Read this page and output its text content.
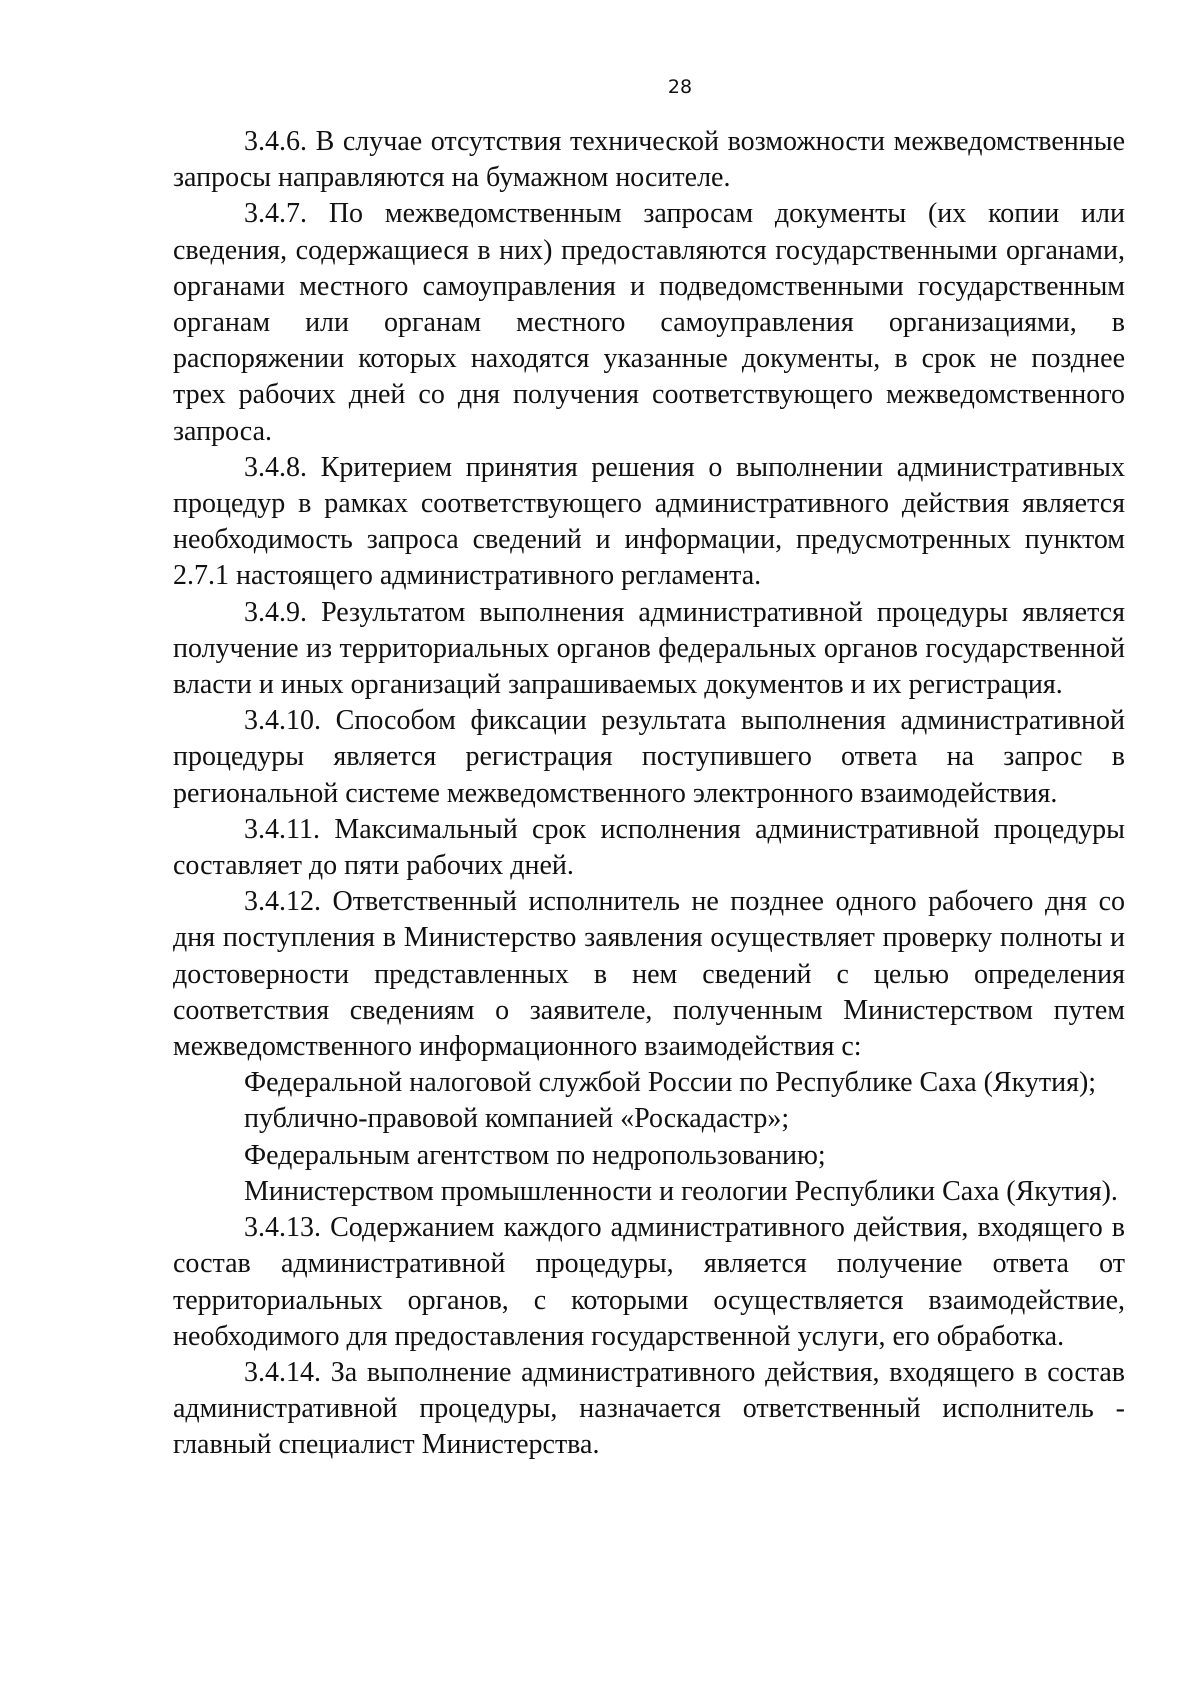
28

3.4.6. В случае отсутствия технической возможности межведомственные запросы направляются на бумажном носителе.

3.4.7. По межведомственным запросам документы (их копии или сведения, содержащиеся в них) предоставляются государственными органами, органами местного самоуправления и подведомственными государственным органам или органам местного самоуправления организациями, в распоряжении которых находятся указанные документы, в срок не позднее трех рабочих дней со дня получения соответствующего межведомственного запроса.

3.4.8. Критерием принятия решения о выполнении административных процедур в рамках соответствующего административного действия является необходимость запроса сведений и информации, предусмотренных пунктом 2.7.1 настоящего административного регламента.

3.4.9. Результатом выполнения административной процедуры является получение из территориальных органов федеральных органов государственной власти и иных организаций запрашиваемых документов и их регистрация.

3.4.10. Способом фиксации результата выполнения административной процедуры является регистрация поступившего ответа на запрос в региональной системе межведомственного электронного взаимодействия.

3.4.11. Максимальный срок исполнения административной процедуры составляет до пяти рабочих дней.

3.4.12. Ответственный исполнитель не позднее одного рабочего дня со дня поступления в Министерство заявления осуществляет проверку полноты и достоверности представленных в нем сведений с целью определения соответствия сведениям о заявителе, полученным Министерством путем межведомственного информационного взаимодействия с:

Федеральной налоговой службой России по Республике Саха (Якутия);

публично-правовой компанией «Роскадастр»;

Федеральным агентством по недропользованию;

Министерством промышленности и геологии Республики Саха (Якутия).

3.4.13. Содержанием каждого административного действия, входящего в состав административной процедуры, является получение ответа от территориальных органов, с которыми осуществляется взаимодействие, необходимого для предоставления государственной услуги, его обработка.

3.4.14. За выполнение административного действия, входящего в состав административной процедуры, назначается ответственный исполнитель - главный специалист Министерства.
